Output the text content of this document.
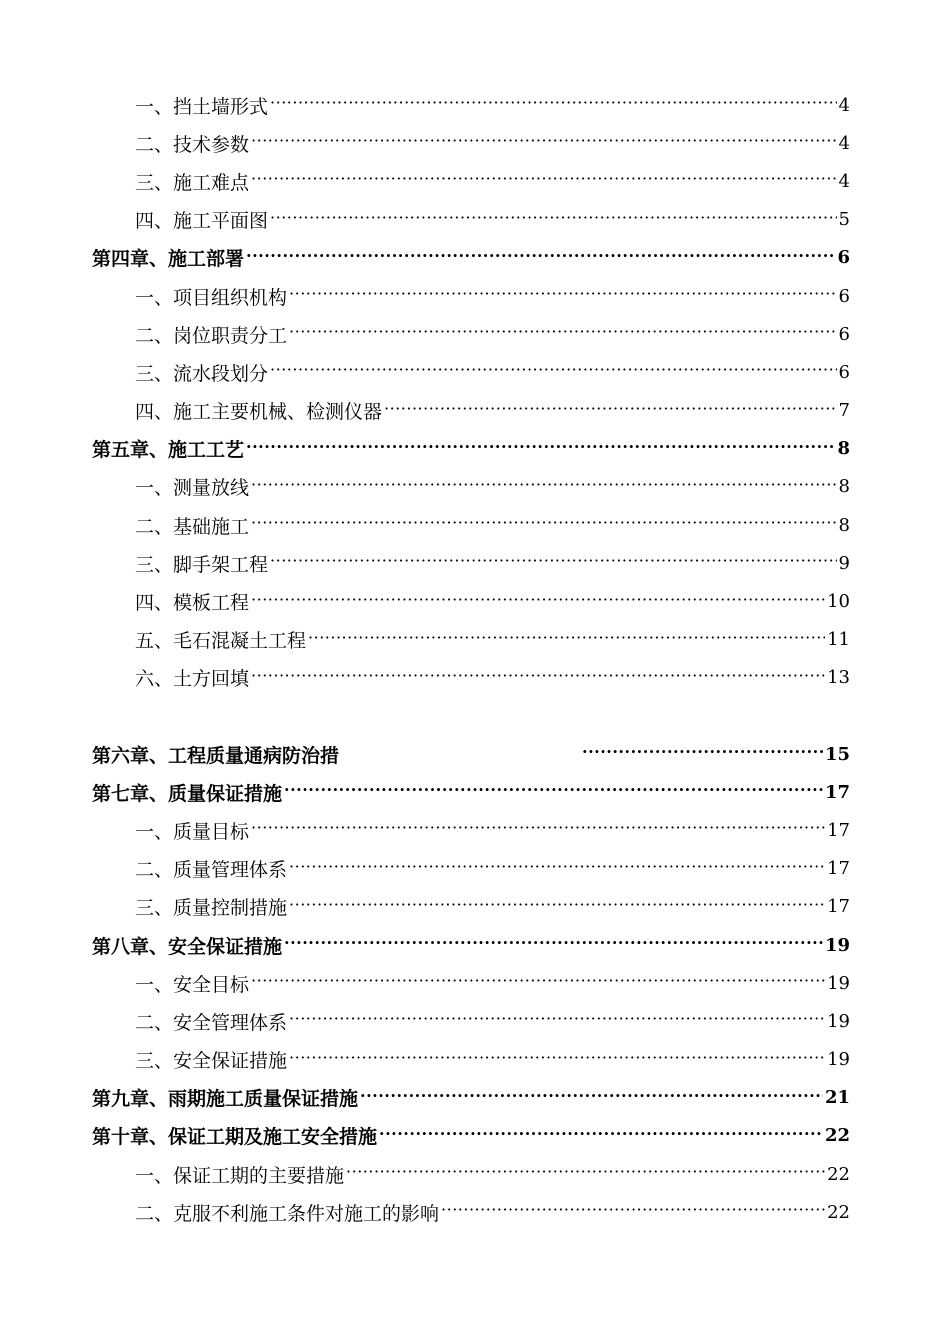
一、挡土墙形式 ·····	4
二、技术参数 ·····	4
三、施工难点 ·····	4
四、施工平面图 ·····	5
第四章、施工部署 ·····	6
一、项目组织机构 ·····	6
二、岗位职责分工 ·····	6
三、流水段划分 ·····	6
四、施工主要机械、检测仪器 ·····	7
第五章、施工工艺 ·····	8
一、测量放线 ·····	8
二、基础施工 ·····	8
三、脚手架工程 ·····	9
四、模板工程 ·····	10
五、毛石混凝土工程 ·····	11
六、土方回填 ·····	13
第六章、工程质量通病防治措 ·····	15
第七章、质量保证措施 ·····	17
一、质量目标 ·····	17
二、质量管理体系 ·····	17
三、质量控制措施 ·····	17
第八章、安全保证措施 ·····	19
一、安全目标 ·····	19
二、安全管理体系 ·····	19
三、安全保证措施 ·····	19
第九章、雨期施工质量保证措施 ·····	21
第十章、保证工期及施工安全措施 ·····	22
一、保证工期的主要措施 ·····	22
二、克服不利施工条件对施工的影响 ·····	22
